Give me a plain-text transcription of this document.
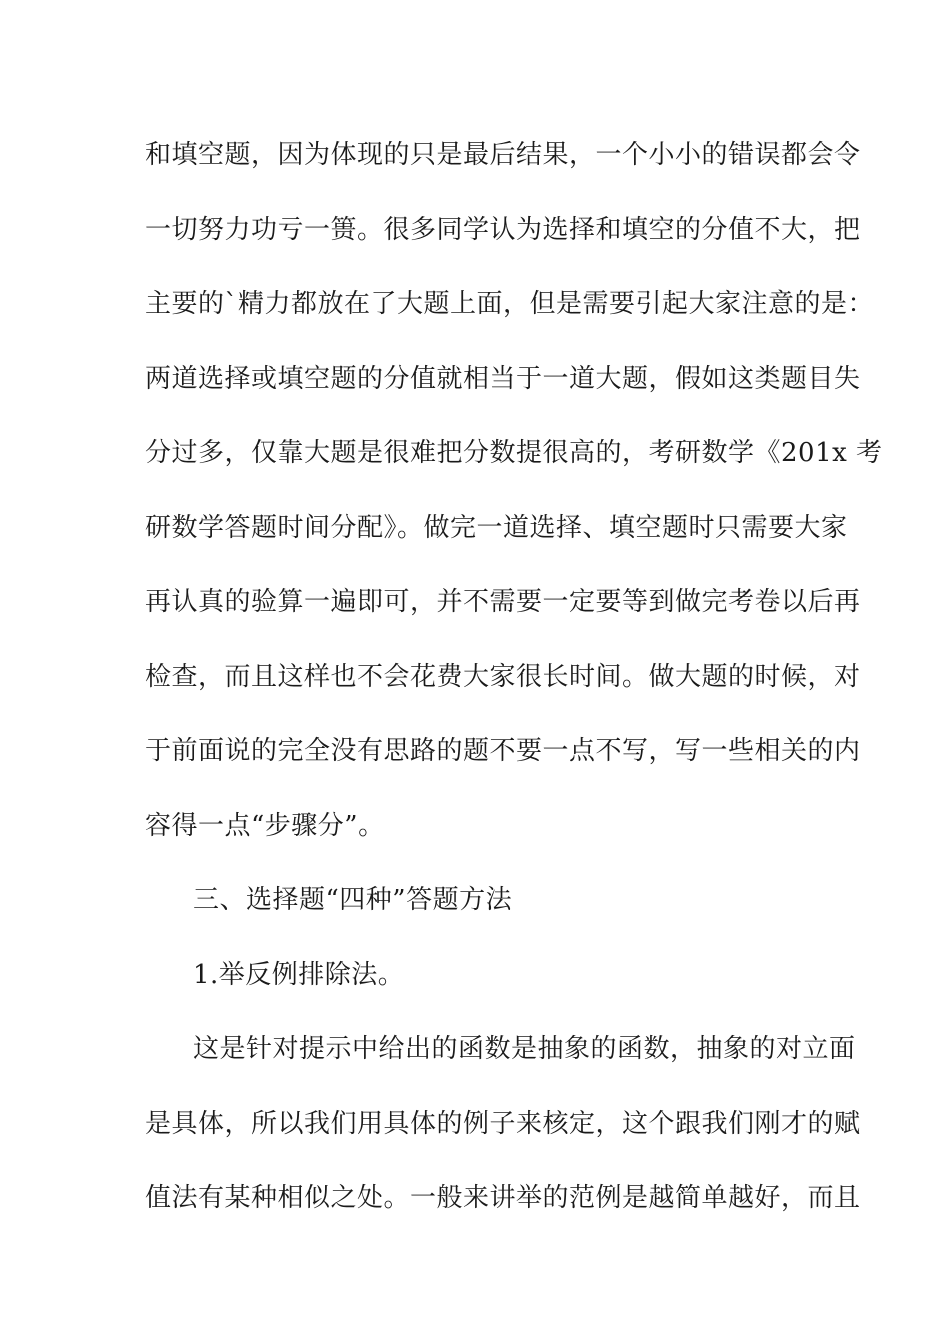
和填空题，因为体现的只是最后结果，一个小小的错误都会令
一切努力功亏一篑。很多同学认为选择和填空的分值不大，把
主要的`精力都放在了大题上面，但是需要引起大家注意的是：
两道选择或填空题的分值就相当于一道大题，假如这类题目失
分过多，仅靠大题是很难把分数提很高的，考研数学《201x 考
研数学答题时间分配》。做完一道选择、填空题时只需要大家
再认真的验算一遍即可，并不需要一定要等到做完考卷以后再
检查，而且这样也不会花费大家很长时间。做大题的时候，对
于前面说的完全没有思路的题不要一点不写，写一些相关的内
容得一点“步骤分”。
三、选择题“四种”答题方法
1.举反例排除法。
这是针对提示中给出的函数是抽象的函数，抽象的对立面
是具体，所以我们用具体的例子来核定，这个跟我们刚才的赋
值法有某种相似之处。一般来讲举的范例是越简单越好，而且
